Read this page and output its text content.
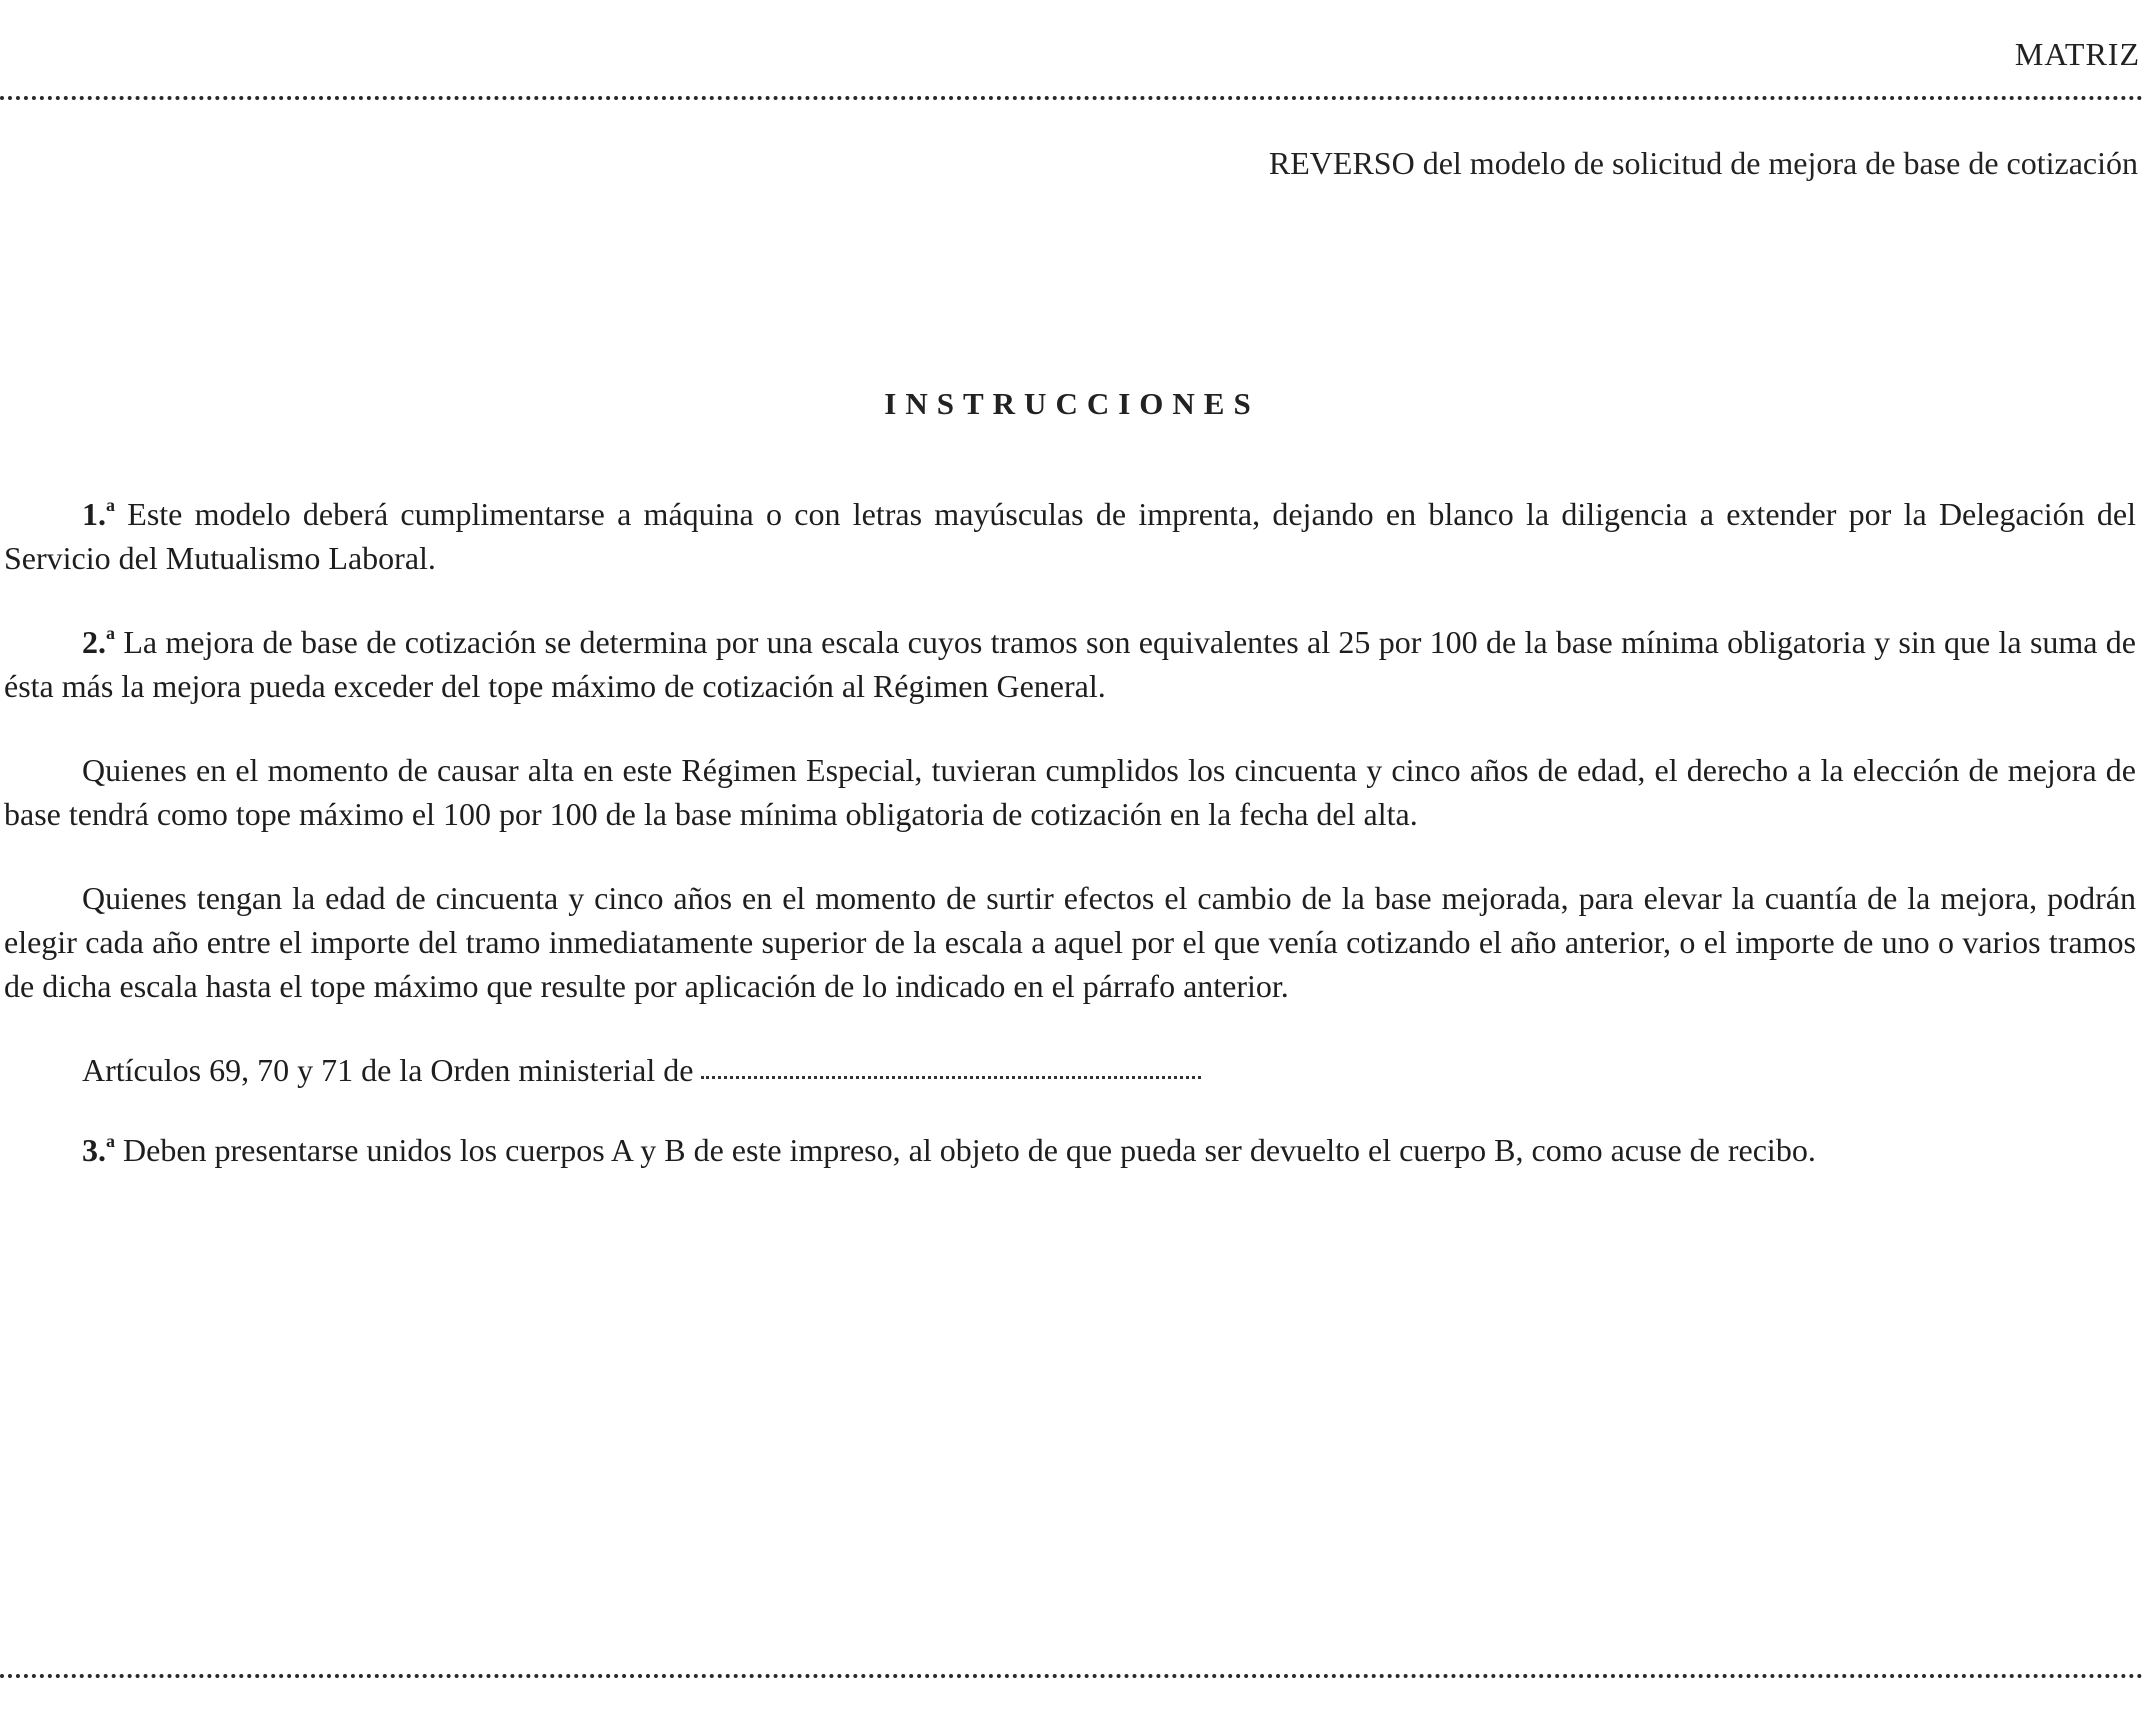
MATRIZ
REVERSO del modelo de solicitud de mejora de base de cotización
INSTRUCCIONES

1.$^a$ Este modelo deberá cumplimentarse a máquina o con letras mayúsculas de imprenta, dejando en blanco la diligencia a extender por la Delegación del Servicio del Mutualismo Laboral.

2.$^a$ La mejora de base de cotización se determina por una escala cuyos tramos son equivalentes al 25 por 100 de la base mínima obligatoria y sin que la suma de ésta más la mejora pueda exceder del tope máximo de cotización al Régimen General.

Quienes en el momento de causar alta en este Régimen Especial, tuvieran cumplidos los cincuenta y cinco años de edad, el derecho a la elección de mejora de base tendrá como tope máximo el 100 por 100 de la base mínima obligatoria de cotización en la fecha del alta.

Quienes tengan la edad de cincuenta y cinco años en el momento de surtir efectos el cambio de la base mejorada, para elevar la cuantía de la mejora, podrán elegir cada año entre el importe del tramo inmediatamente superior de la escala a aquel por el que venía cotizando el año anterior, o el importe de uno o varios tramos de dicha escala hasta el tope máximo que resulte por aplicación de lo indicado en el párrafo anterior.

Artículos 69, 70 y 71 de la Orden ministerial de

3.$^a$ Deben presentarse unidos los cuerpos A y B de este impreso, al objeto de que pueda ser devuelto el cuerpo B, como acuse de recibo.
